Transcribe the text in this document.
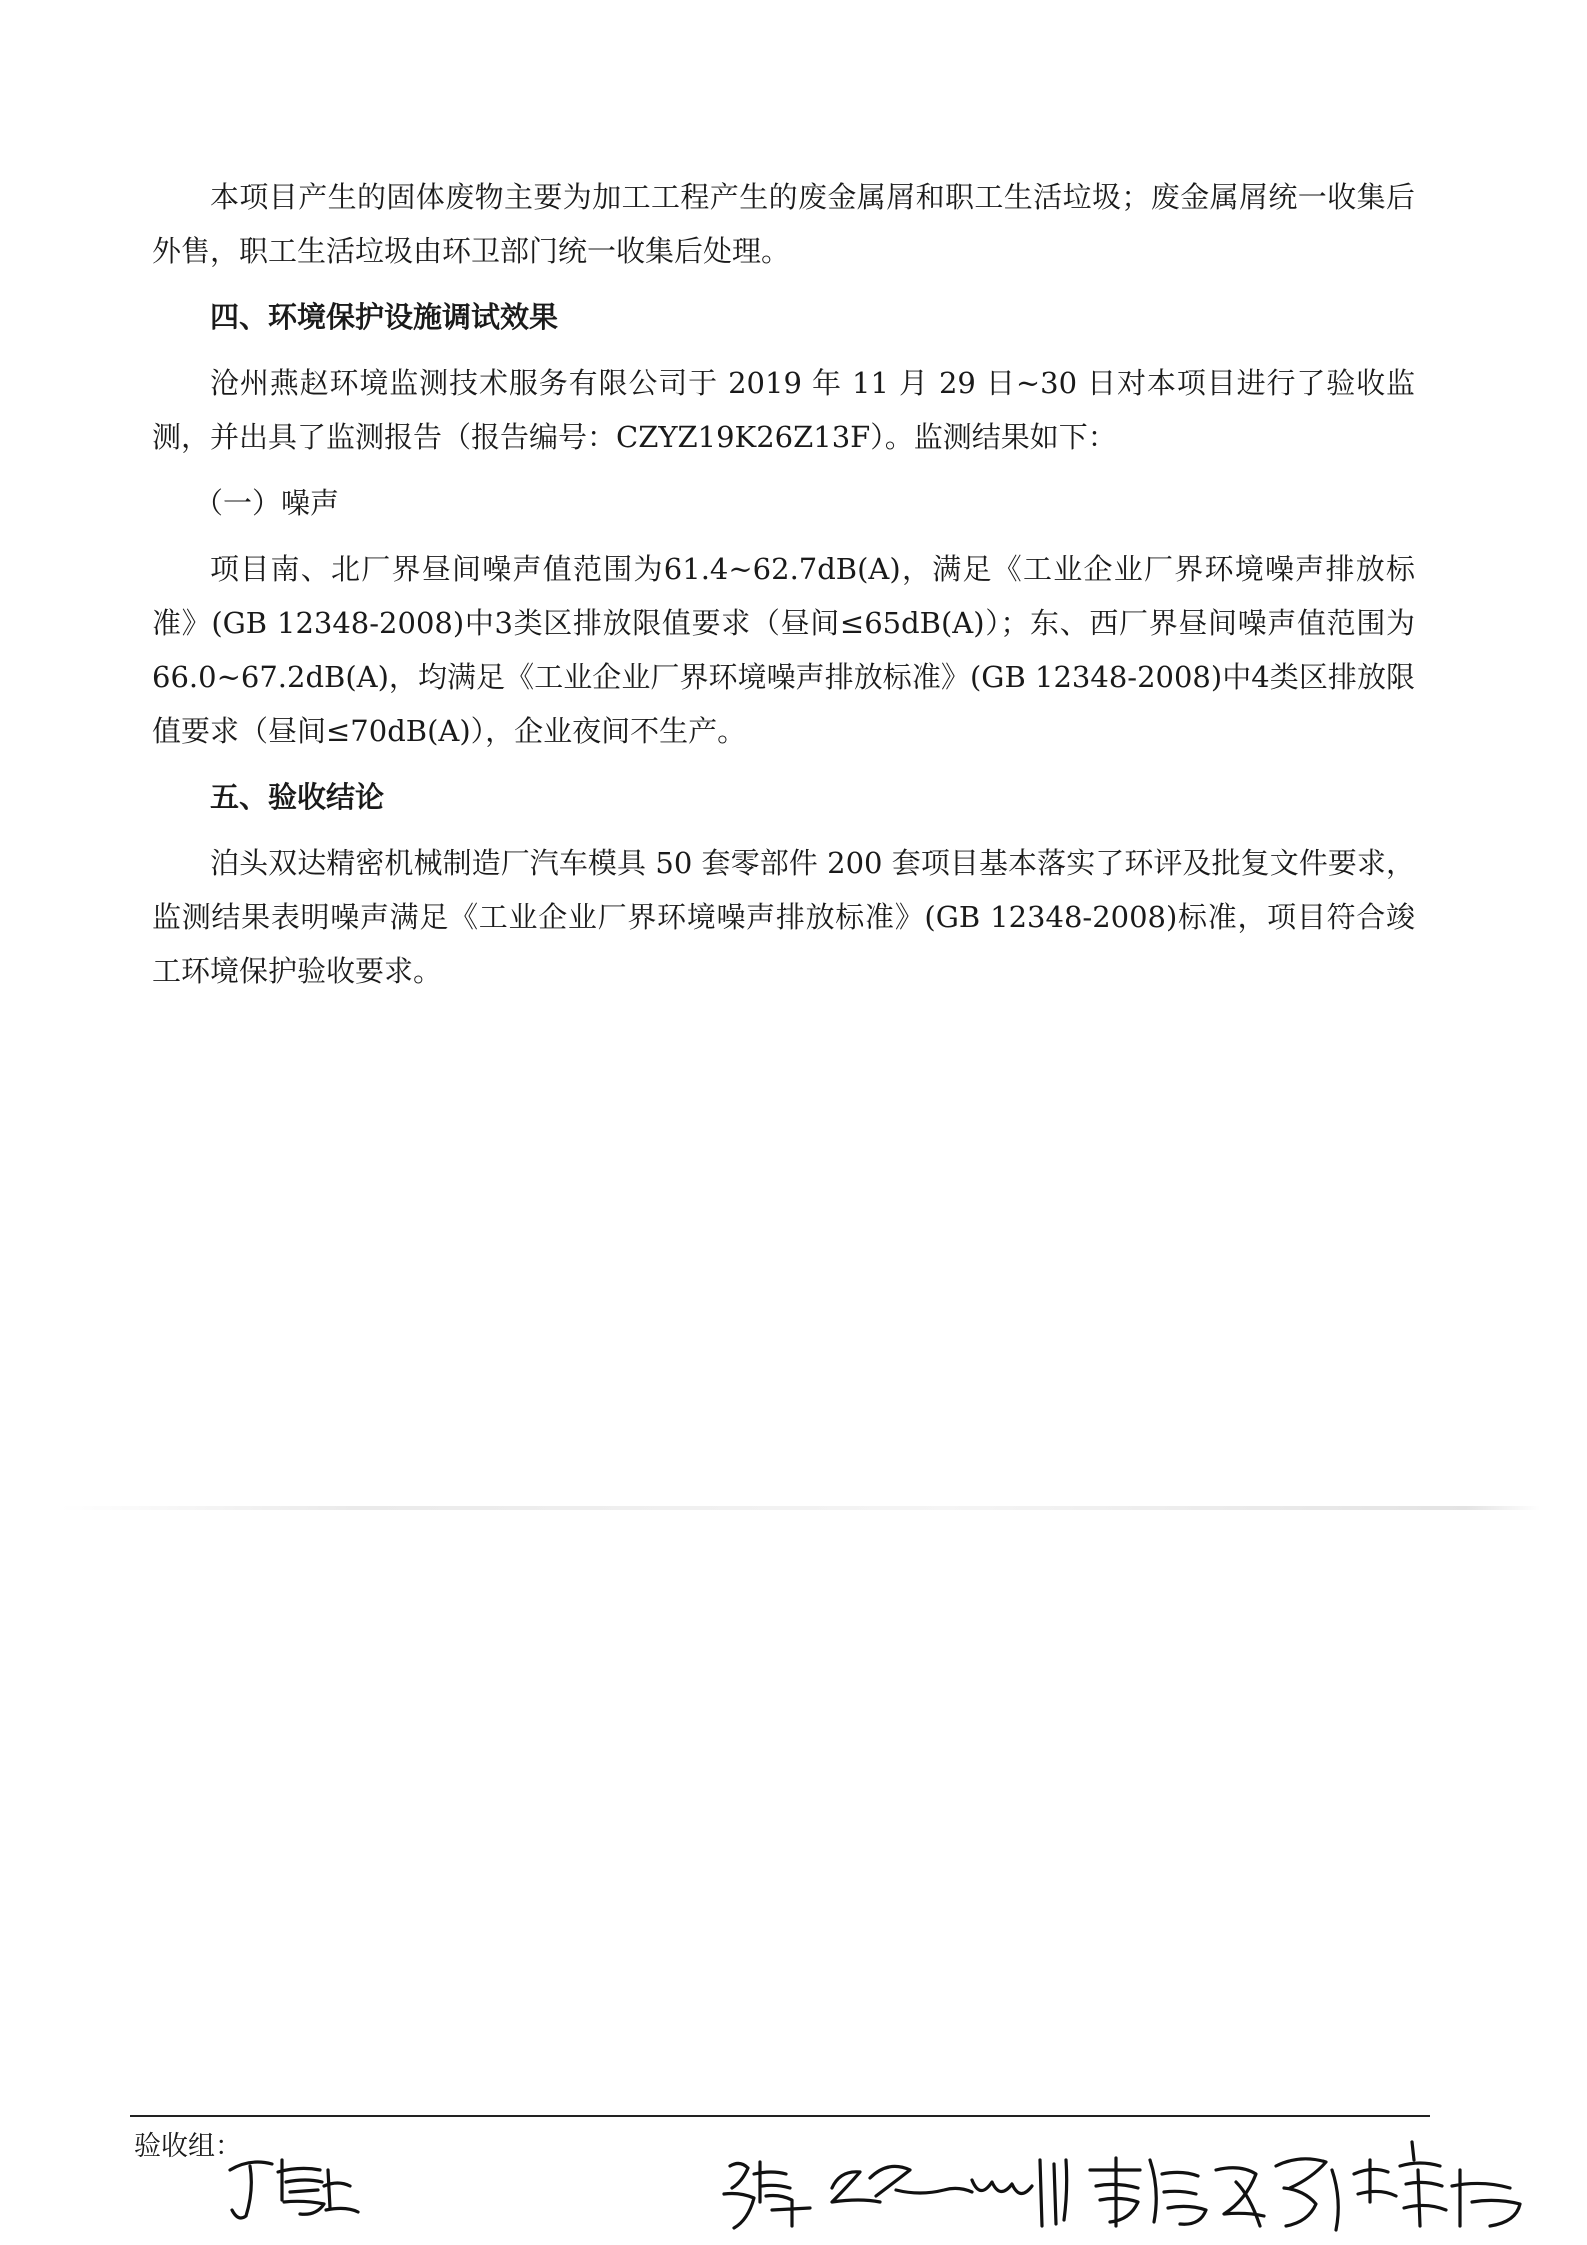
本项目产生的固体废物主要为加工工程产生的废金属屑和职工生活垃圾；废金属屑统一收集后外售，职工生活垃圾由环卫部门统一收集后处理。

四、环境保护设施调试效果

沧州燕赵环境监测技术服务有限公司于 2019 年 11 月 29 日~30 日对本项目进行了验收监测，并出具了监测报告（报告编号：CZYZ19K26Z13F）。监测结果如下：

（一）噪声

项目南、北厂界昼间噪声值范围为61.4~62.7dB(A)，满足《工业企业厂界环境噪声排放标准》(GB 12348-2008)中3类区排放限值要求（昼间≤65dB(A)）；东、西厂界昼间噪声值范围为66.0~67.2dB(A)，均满足《工业企业厂界环境噪声排放标准》(GB 12348-2008)中4类区排放限值要求（昼间≤70dB(A)），企业夜间不生产。

五、验收结论

泊头双达精密机械制造厂汽车模具 50 套零部件 200 套项目基本落实了环评及批复文件要求，监测结果表明噪声满足《工业企业厂界环境噪声排放标准》(GB 12348-2008)标准，项目符合竣工环境保护验收要求。

验收组：
